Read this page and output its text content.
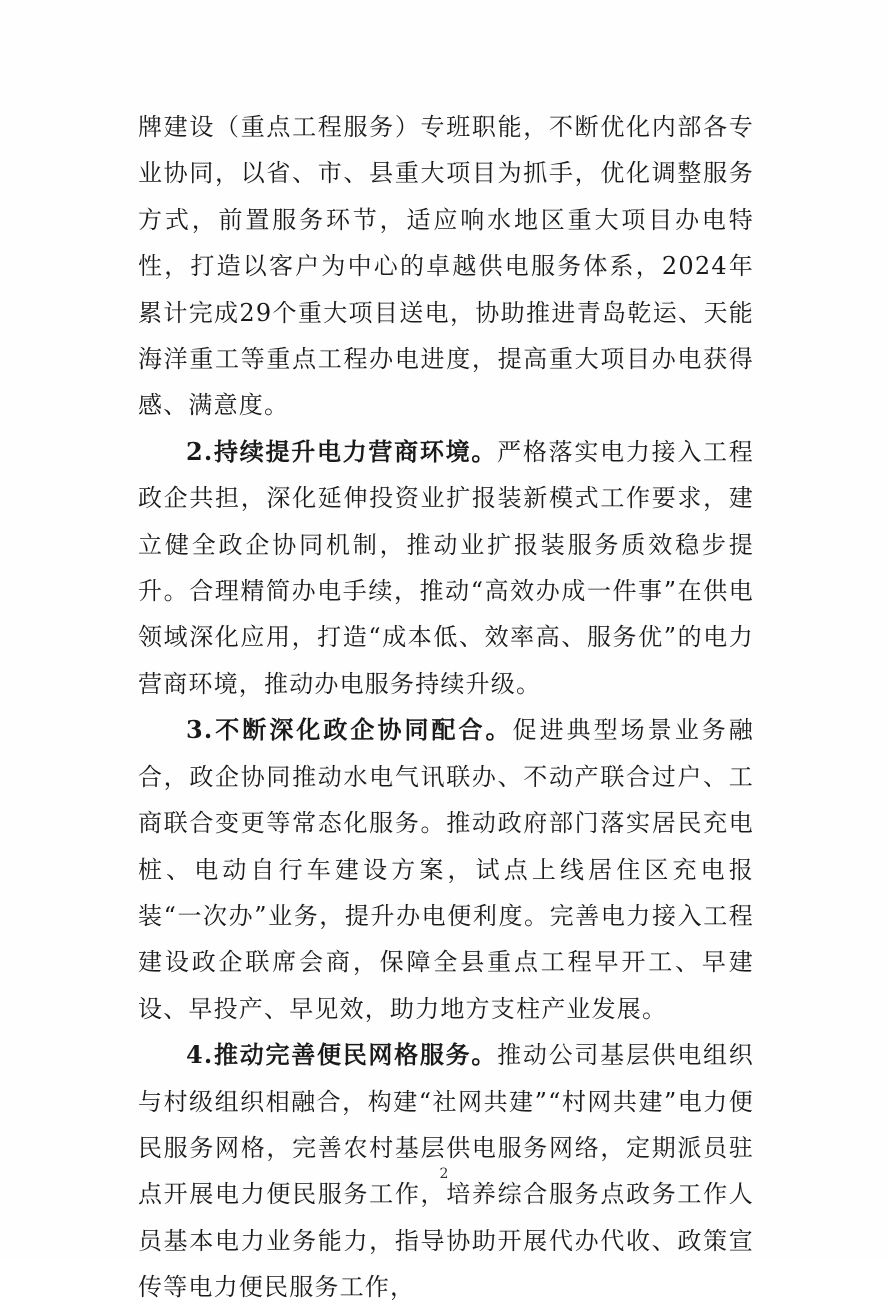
牌建设（重点工程服务）专班职能，不断优化内部各专业协同，以省、市、县重大项目为抓手，优化调整服务方式，前置服务环节，适应响水地区重大项目办电特性，打造以客户为中心的卓越供电服务体系，2024年累计完成29个重大项目送电，协助推进青岛乾运、天能海洋重工等重点工程办电进度，提高重大项目办电获得感、满意度。

2.持续提升电力营商环境。严格落实电力接入工程政企共担，深化延伸投资业扩报装新模式工作要求，建立健全政企协同机制，推动业扩报装服务质效稳步提升。合理精简办电手续，推动“高效办成一件事”在供电领域深化应用，打造“成本低、效率高、服务优”的电力营商环境，推动办电服务持续升级。

3.不断深化政企协同配合。促进典型场景业务融合，政企协同推动水电气讯联办、不动产联合过户、工商联合变更等常态化服务。推动政府部门落实居民充电桩、电动自行车建设方案，试点上线居住区充电报装“一次办”业务，提升办电便利度。完善电力接入工程建设政企联席会商，保障全县重点工程早开工、早建设、早投产、早见效，助力地方支柱产业发展。

4.推动完善便民网格服务。推动公司基层供电组织与村级组织相融合，构建“社网共建”“村网共建”电力便民服务网格，完善农村基层供电服务网络，定期派员驻点开展电力便民服务工作，培养综合服务点政务工作人员基本电力业务能力，指导协助开展代办代收、政策宣传等电力便民服务工作，

2
